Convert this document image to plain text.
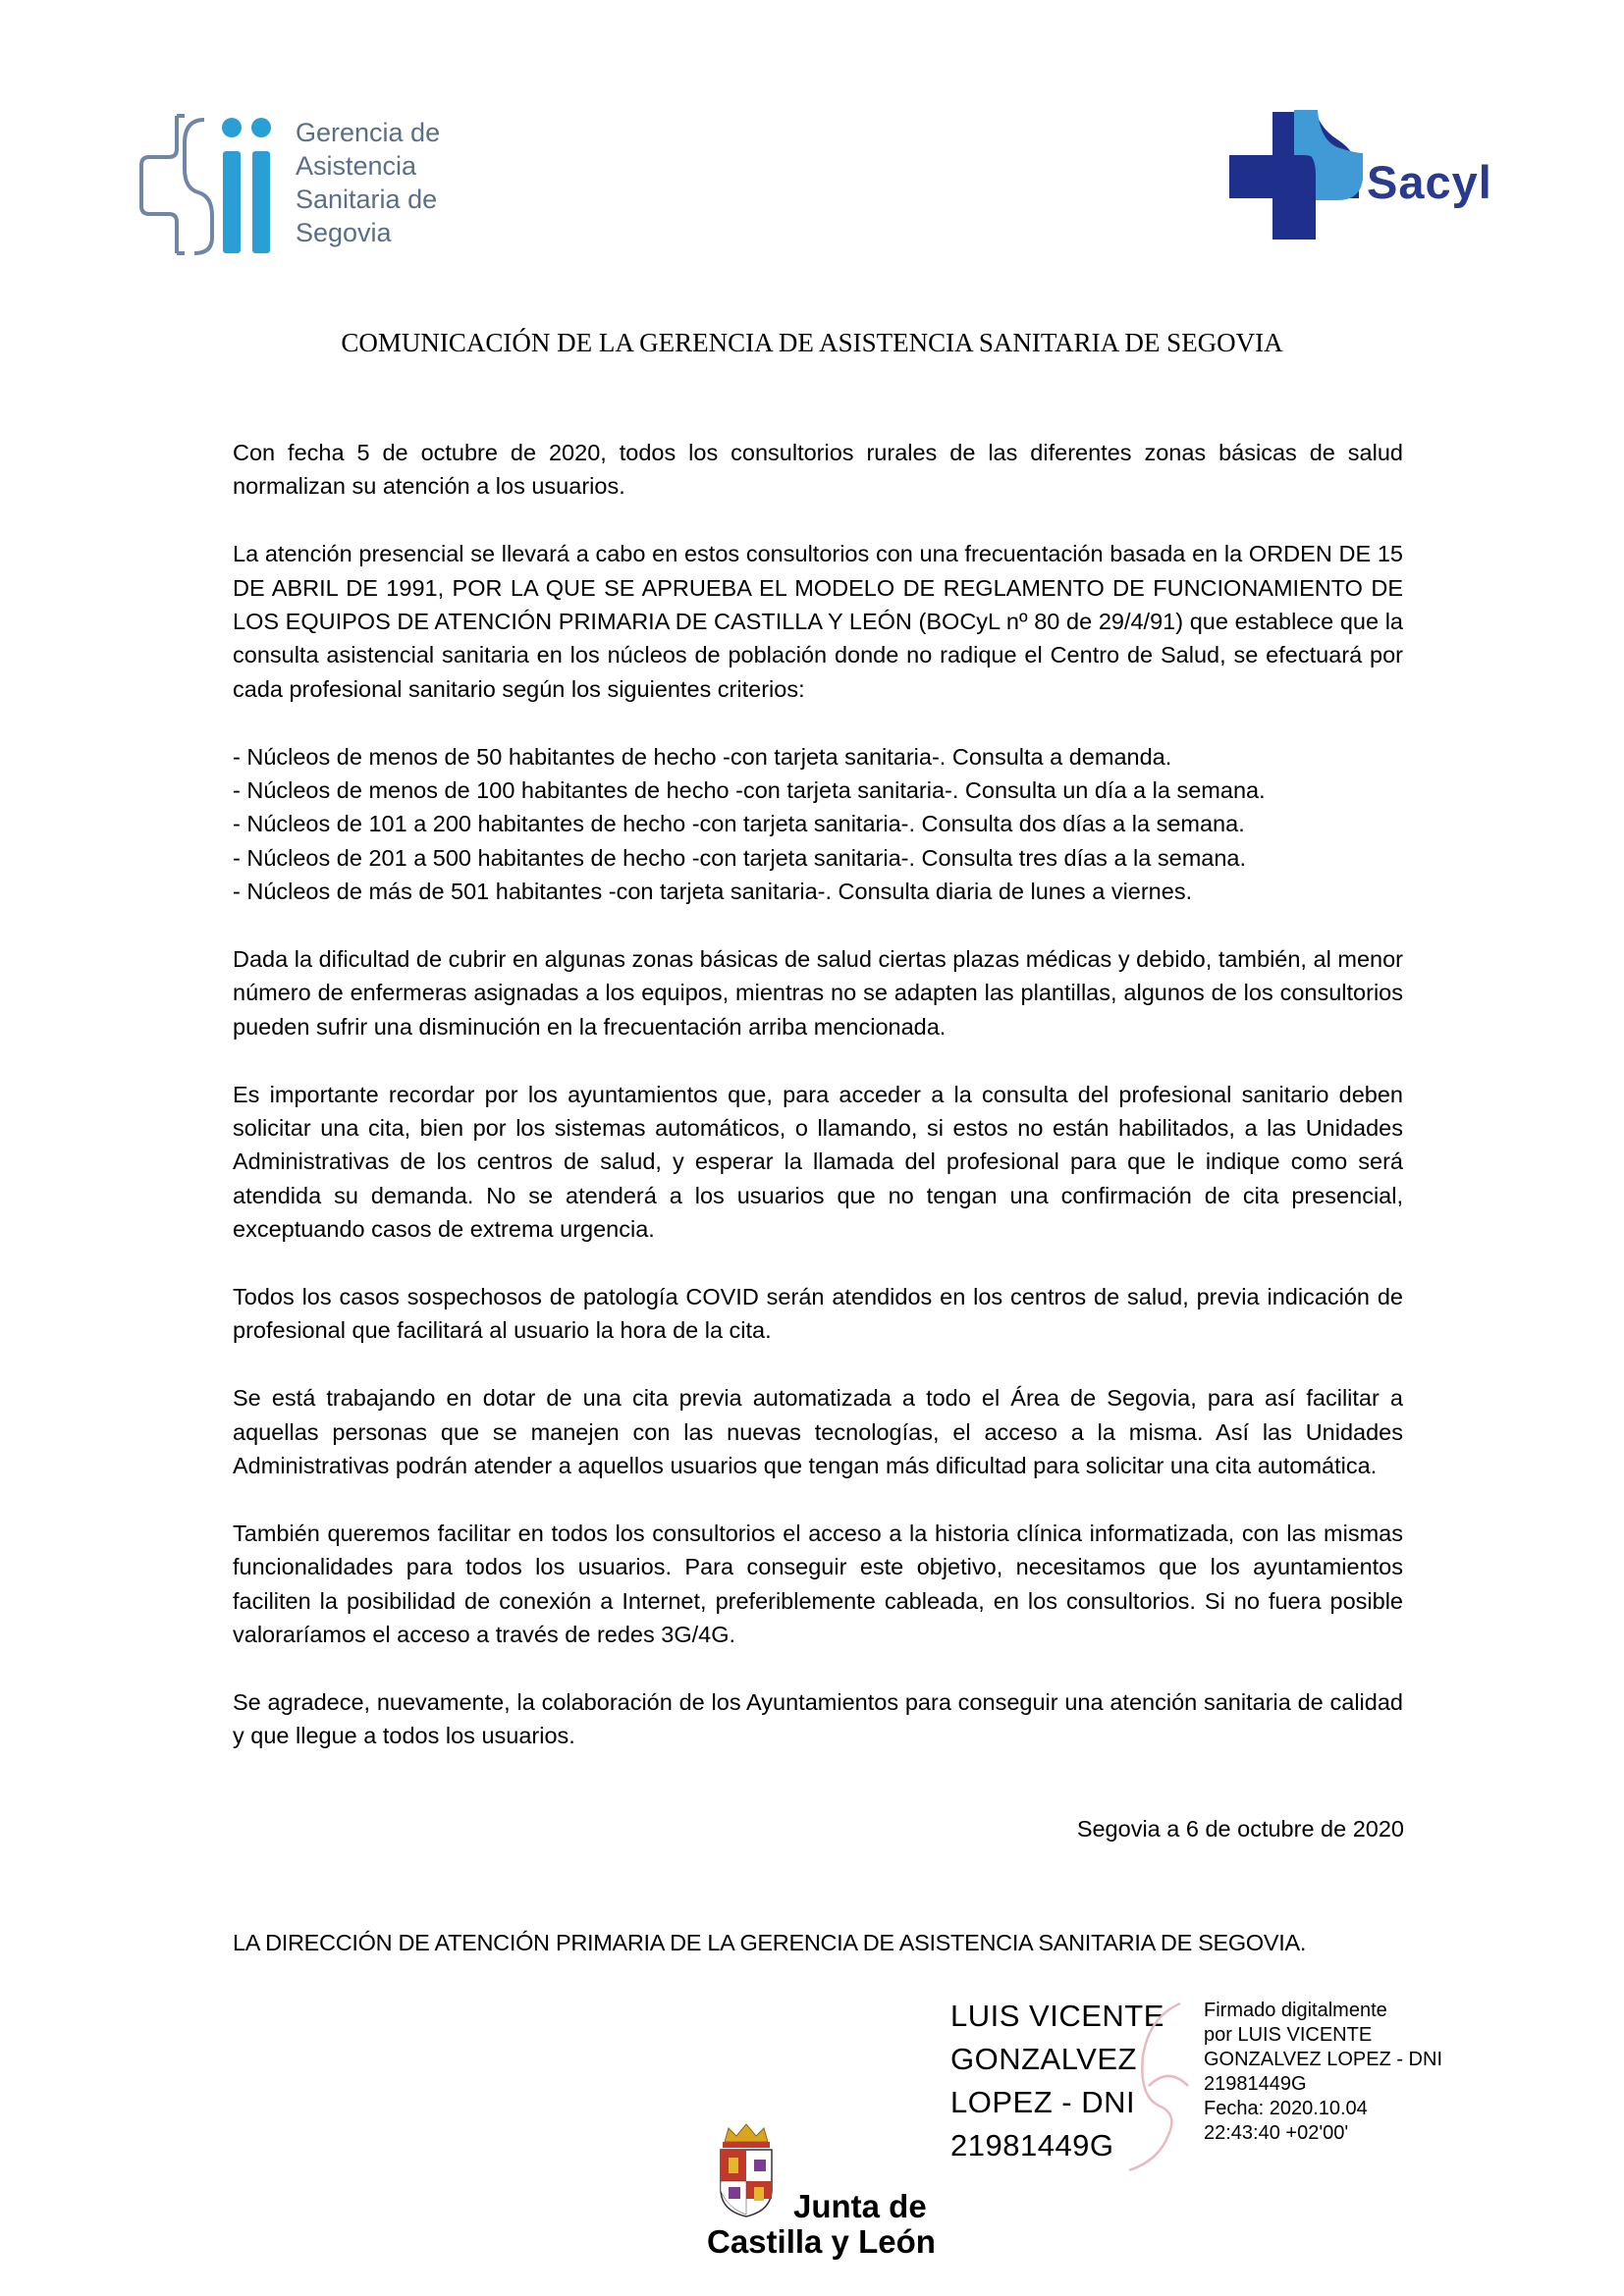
Gerencia de
Asistencia
Sanitaria de
Segovia
Sacyl
COMUNICACIÓN DE LA GERENCIA DE ASISTENCIA SANITARIA DE SEGOVIA

Con fecha 5 de octubre de 2020, todos los consultorios rurales de las diferentes zonas básicas de salud normalizan su atención a los usuarios.

La atención presencial se llevará a cabo en estos consultorios con una frecuentación basada en la ORDEN DE 15 DE ABRIL DE 1991, POR LA QUE SE APRUEBA EL MODELO DE REGLAMENTO DE FUNCIONAMIENTO DE LOS EQUIPOS DE ATENCIÓN PRIMARIA DE CASTILLA Y LEÓN (BOCyL nº 80 de 29/4/91) que establece que la consulta asistencial sanitaria en los núcleos de población donde no radique el Centro de Salud, se efectuará por cada profesional sanitario según los siguientes criterios:

- Núcleos de menos de 50 habitantes de hecho -con tarjeta sanitaria-. Consulta a demanda.
- Núcleos de menos de 100 habitantes de hecho -con tarjeta sanitaria-. Consulta un día a la semana.
- Núcleos de 101 a 200 habitantes de hecho -con tarjeta sanitaria-. Consulta dos días a la semana.
- Núcleos de 201 a 500 habitantes de hecho -con tarjeta sanitaria-. Consulta tres días a la semana.
- Núcleos de más de 501 habitantes -con tarjeta sanitaria-. Consulta diaria de lunes a viernes.

Dada la dificultad de cubrir en algunas zonas básicas de salud ciertas plazas médicas y debido, también, al menor número de enfermeras asignadas a los equipos, mientras no se adapten las plantillas, algunos de los consultorios pueden sufrir una disminución en la frecuentación arriba mencionada.

Es importante recordar por los ayuntamientos que, para acceder a la consulta del profesional sanitario deben solicitar una cita, bien por los sistemas automáticos, o llamando, si estos no están habilitados, a las Unidades Administrativas de los centros de salud, y esperar la llamada del profesional para que le indique como será atendida su demanda. No se atenderá a los usuarios que no tengan una confirmación de cita presencial, exceptuando casos de extrema urgencia.

Todos los casos sospechosos de patología COVID serán atendidos en los centros de salud, previa indicación de profesional que facilitará al usuario la hora de la cita.

Se está trabajando en dotar de una cita previa automatizada a todo el Área de Segovia, para así facilitar a aquellas personas que se manejen con las nuevas tecnologías, el acceso a la misma. Así las Unidades Administrativas podrán atender a aquellos usuarios que tengan más dificultad para solicitar una cita automática.

También queremos facilitar en todos los consultorios el acceso a la historia clínica informatizada, con las mismas funcionalidades para todos los usuarios. Para conseguir este objetivo, necesitamos que los ayuntamientos faciliten la posibilidad de conexión a Internet, preferiblemente cableada, en los consultorios. Si no fuera posible valoraríamos el acceso a través de redes 3G/4G.

Se agradece, nuevamente, la colaboración de los Ayuntamientos para conseguir una atención sanitaria de calidad y que llegue a todos los usuarios.

Segovia a 6 de octubre de 2020
LA DIRECCIÓN DE ATENCIÓN PRIMARIA DE LA GERENCIA DE ASISTENCIA SANITARIA DE SEGOVIA.
LUIS VICENTE
GONZALVEZ
LOPEZ - DNI
21981449G
Firmado digitalmente
por LUIS VICENTE
GONZALVEZ LOPEZ - DNI
21981449G
Fecha: 2020.10.04
22:43:40 +02'00'
Junta de
Castilla y León
